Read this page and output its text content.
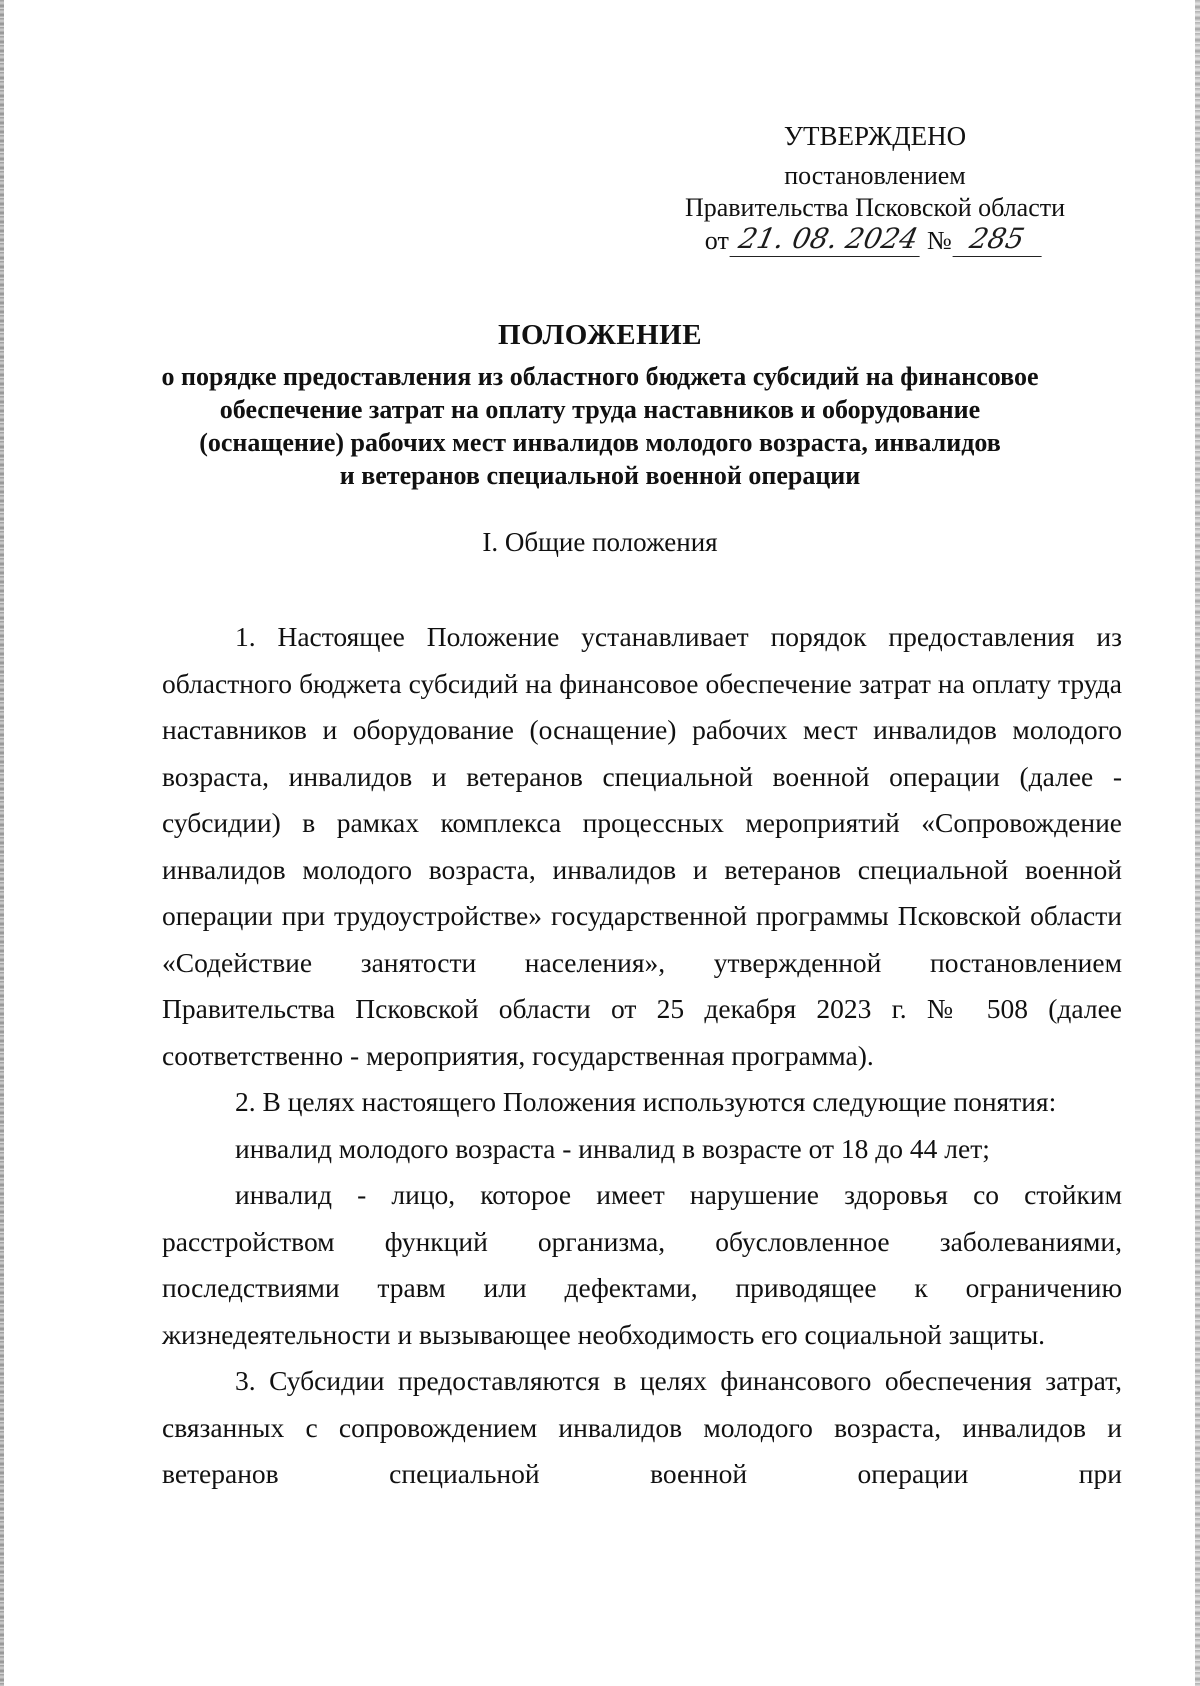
УТВЕРЖДЕНО
постановлением
Правительства Псковской области
от 21. 08. 2024 № 285
ПОЛОЖЕНИЕ
о порядке предоставления из областного бюджета субсидий на финансовое
обеспечение затрат на оплату труда наставников и оборудование
(оснащение) рабочих мест инвалидов молодого возраста, инвалидов
и ветеранов специальной военной операции
I. Общие положения

1. Настоящее Положение устанавливает порядок предоставления из областного бюджета субсидий на финансовое обеспечение затрат на оплату труда наставников и оборудование (оснащение) рабочих мест инвалидов молодого возраста, инвалидов и ветеранов специальной военной операции (далее - субсидии) в рамках комплекса процессных мероприятий «Сопровождение инвалидов молодого возраста, инвалидов и ветеранов специальной военной операции при трудоустройстве» государственной программы Псковской области «Содействие занятости населения», утвержденной постановлением Правительства Псковской области от 25 декабря 2023 г. № 508 (далее соответственно - мероприятия, государственная программа).

2. В целях настоящего Положения используются следующие понятия:

инвалид молодого возраста - инвалид в возрасте от 18 до 44 лет;

инвалид - лицо, которое имеет нарушение здоровья со стойким расстройством функций организма, обусловленное заболеваниями, последствиями травм или дефектами, приводящее к ограничению жизнедеятельности и вызывающее необходимость его социальной защиты.

3. Субсидии предоставляются в целях финансового обеспечения затрат, связанных с сопровождением инвалидов молодого возраста, инвалидов и ветеранов специальной военной операции при
